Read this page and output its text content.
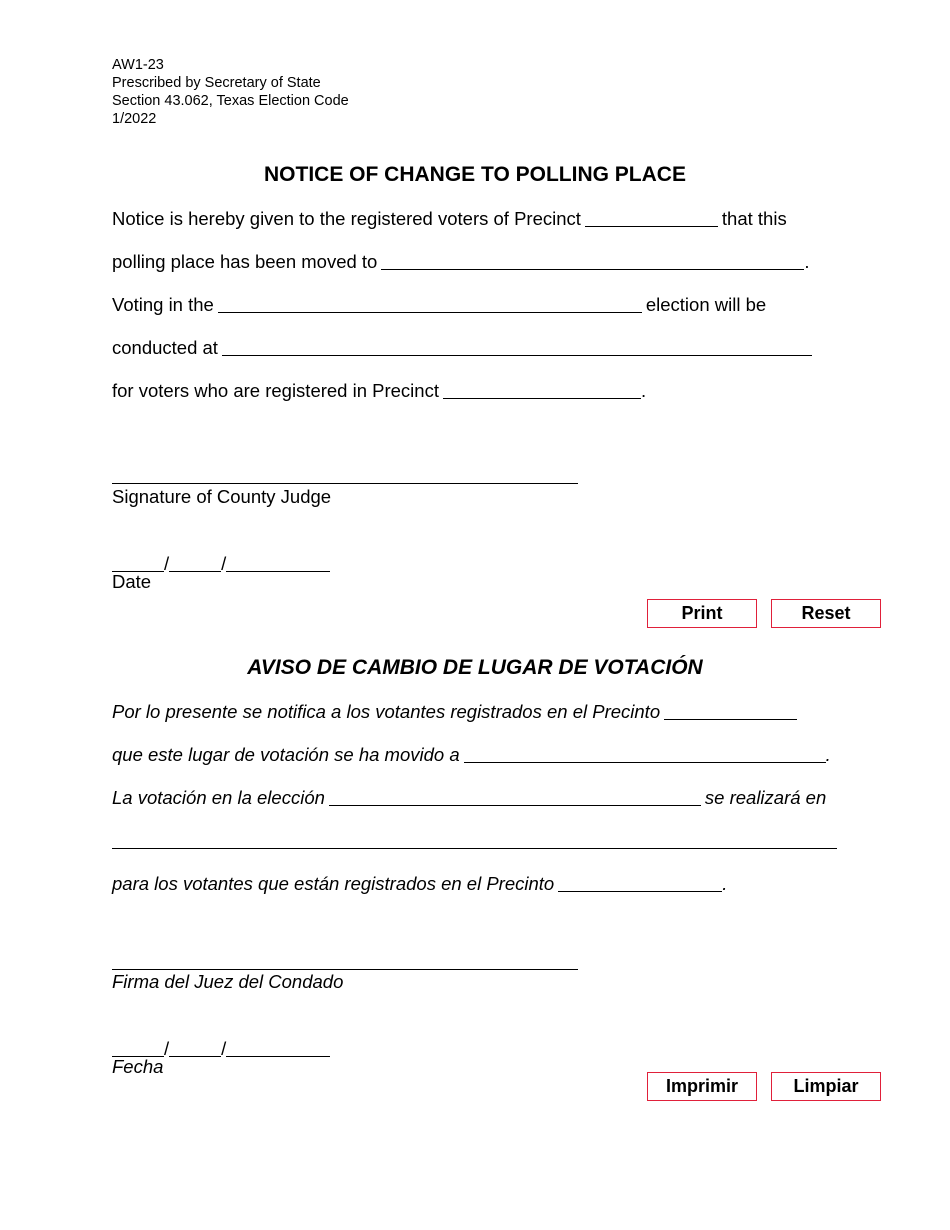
AW1-23
Prescribed by Secretary of State
Section 43.062, Texas Election Code
1/2022
NOTICE OF CHANGE TO POLLING PLACE
Notice is hereby given to the registered voters of Precinct	that this
polling place has been moved to	.
Voting in the	election will be
conducted at
for voters who are registered in Precinct	.
Signature of County Judge
/	/
Date
Print	Reset
AVISO DE CAMBIO DE LUGAR DE VOTACIÓN
Por lo presente se notifica a los votantes registrados en el Precinto
que este lugar de votación se ha movido a	.
La votación en la elección	se realizará en
para los votantes que están registrados en el Precinto	.
Firma del Juez del Condado
/	/
Fecha
Imprimir	Limpiar
